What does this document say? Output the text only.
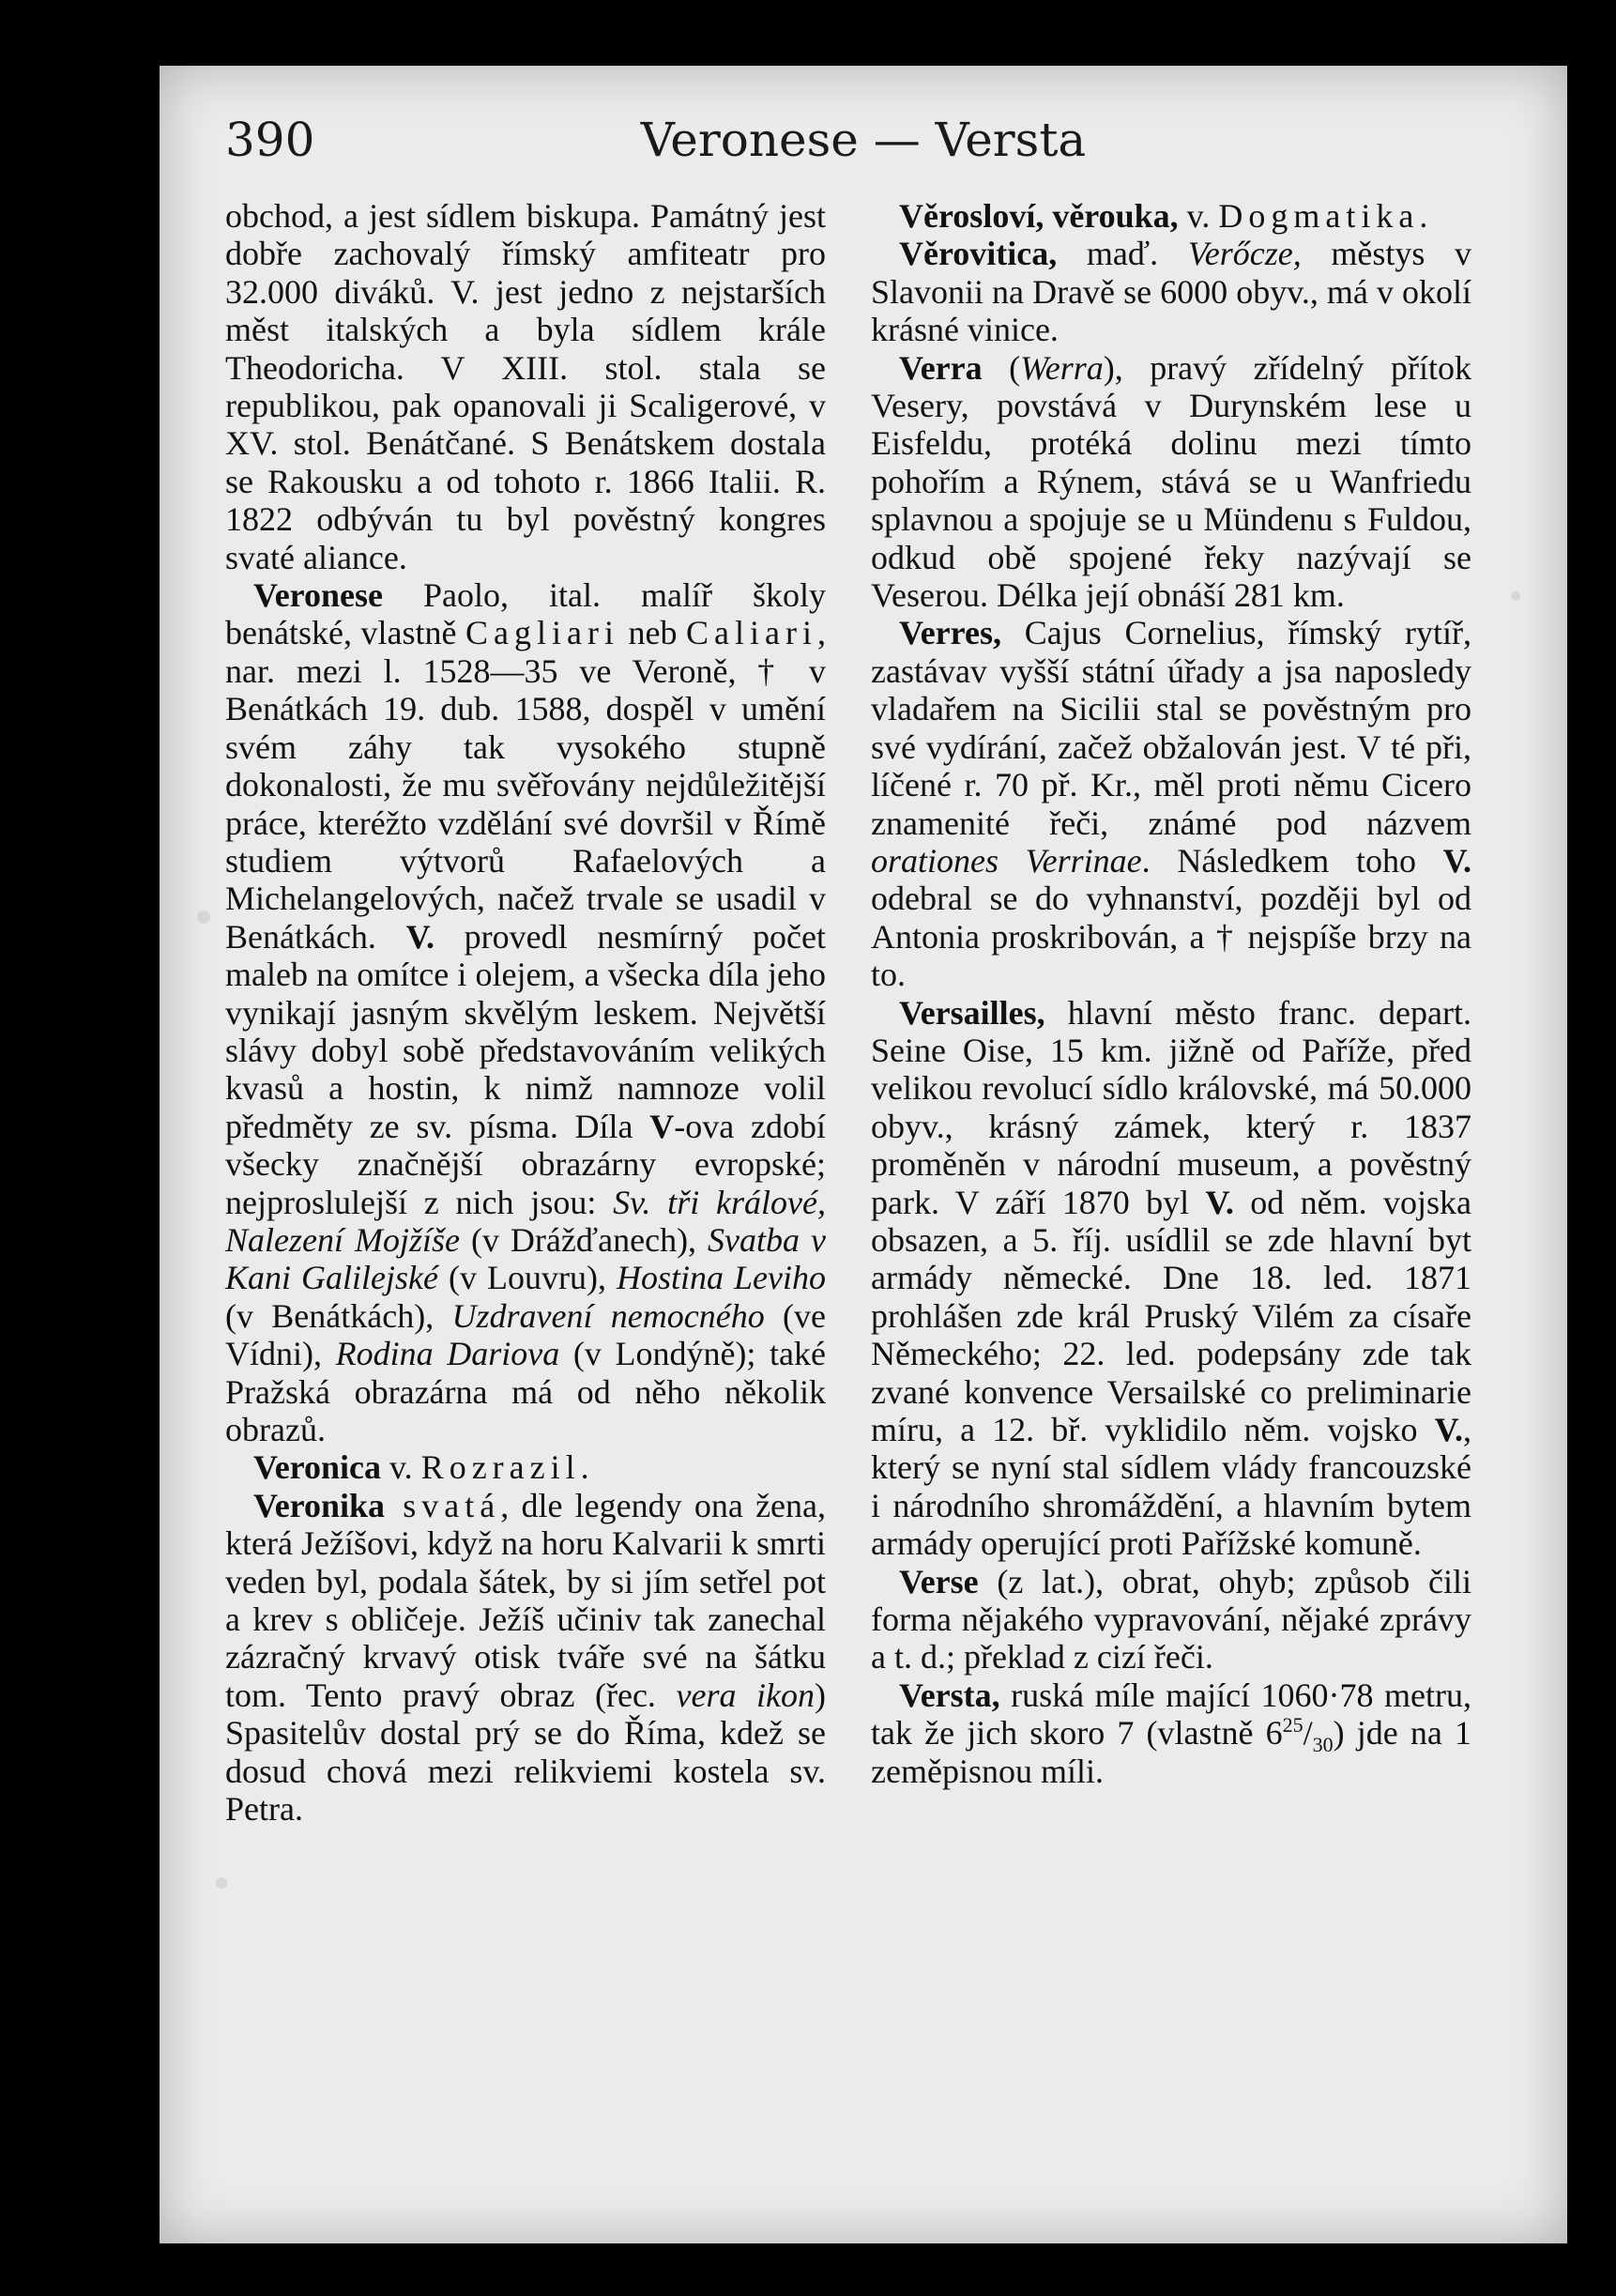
390	Veronese — Versta

obchod, a jest sídlem biskupa. Památný jest dobře zachovalý římský amfiteatr pro 32.000 diváků. V. jest jedno z nejstarších měst italských a byla sídlem krále Theodoricha. V XIII. stol. stala se republikou, pak opanovali ji Scaligerové, v XV. stol. Benátčané. S Benátskem dostala se Rakousku a od tohoto r. 1866 Italii. R. 1822 odbýván tu byl pověstný kongres svaté aliance.

Veronese Paolo, ital. malíř školy benátské, vlastně Cagliari neb Caliari, nar. mezi l. 1528—35 ve Veroně, † v Benátkách 19. dub. 1588, dospěl v umění svém záhy tak vysokého stupně dokonalosti, že mu svěřovány nejdůležitější práce, kteréžto vzdělání své dovršil v Římě studiem výtvorů Rafaelových a Michelangelových, načež trvale se usadil v Benátkách. V. provedl nesmírný počet maleb na omítce i olejem, a všecka díla jeho vynikají jasným skvělým leskem. Největší slávy dobyl sobě představováním velikých kvasů a hostin, k nimž namnoze volil předměty ze sv. písma. Díla V-ova zdobí všecky značnější obrazárny evropské; nejproslulejší z nich jsou: Sv. tři králové, Nalezení Mojžíše (v Drážďanech), Svatba v Kani Galilejské (v Louvru), Hostina Leviho (v Benátkách), Uzdravení nemocného (ve Vídni), Rodina Dariova (v Londýně); také Pražská obrazárna má od něho několik obrazů.

Veronica v. Rozrazil.

Veronika svatá, dle legendy ona žena, která Ježíšovi, když na horu Kalvarii k smrti veden byl, podala šátek, by si jím setřel pot a krev s obličeje. Ježíš učiniv tak zanechal zázračný krvavý otisk tváře své na šátku tom. Tento pravý obraz (řec. vera ikon) Spasitelův dostal prý se do Říma, kdež se dosud chová mezi relikviemi kostela sv. Petra.

Věrosloví, věrouka, v. Dogmatika.

Věrovitica, maď. Verőcze, městys v Slavonii na Dravě se 6000 obyv., má v okolí krásné vinice.

Verra (Werra), pravý zřídelný přítok Vesery, povstává v Durynském lese u Eisfeldu, protéká dolinu mezi tímto pohořím a Rýnem, stává se u Wanfriedu splavnou a spojuje se u Mündenu s Fuldou, odkud obě spojené řeky nazývají se Veserou. Délka její obnáší 281 km.

Verres, Cajus Cornelius, římský rytíř, zastávav vyšší státní úřady a jsa naposledy vladařem na Sicilii stal se pověstným pro své vydírání, začež obžalován jest. V té při, líčené r. 70 př. Kr., měl proti němu Cicero znamenité řeči, známé pod názvem orationes Verrinae. Následkem toho V. odebral se do vyhnanství, později byl od Antonia proskribován, a † nejspíše brzy na to.

Versailles, hlavní město franc. depart. Seine Oise, 15 km. jižně od Paříže, před velikou revolucí sídlo královské, má 50.000 obyv., krásný zámek, který r. 1837 proměněn v národní museum, a pověstný park. V září 1870 byl V. od něm. vojska obsazen, a 5. říj. usídlil se zde hlavní byt armády německé. Dne 18. led. 1871 prohlášen zde král Pruský Vilém za císaře Německého; 22. led. podepsány zde tak zvané konvence Versailské co preliminarie míru, a 12. bř. vyklidilo něm. vojsko V., který se nyní stal sídlem vlády francouzské i národního shromáždění, a hlavním bytem armády operující proti Pařížské komuně.

Verse (z lat.), obrat, ohyb; způsob čili forma nějakého vypravování, nějaké zprávy a t. d.; překlad z cizí řeči.

Versta, ruská míle mající 1060·78 metru, tak že jich skoro 7 (vlastně $6^{25}/_{30}$) jde na 1 zeměpisnou míli.
